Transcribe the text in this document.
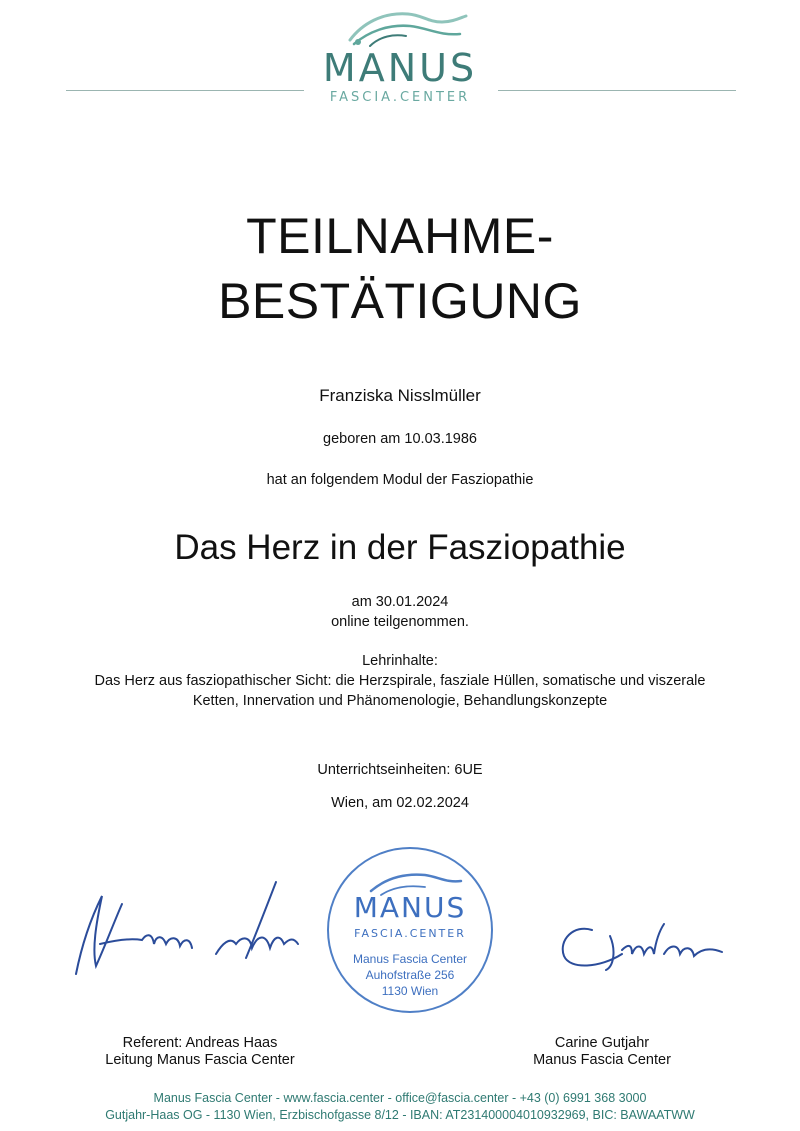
MANUS
FASCIA.CENTER
TEILNAHME-
BESTÄTIGUNG
Franziska Nisslmüller
geboren am 10.03.1986
hat an folgendem Modul der Fasziopathie
Das Herz in der Fasziopathie
am 30.01.2024
online teilgenommen.
Lehrinhalte:
Das Herz aus fasziopathischer Sicht: die Herzspirale, fasziale Hüllen, somatische und viszerale
Ketten, Innervation und Phänomenologie, Behandlungskonzepte
Unterrichtseinheiten: 6UE
Wien, am 02.02.2024
MANUS
FASCIA.CENTER
Manus Fascia Center
Auhofstraße 256
1130 Wien
Referent: Andreas Haas
Leitung Manus Fascia Center
Carine Gutjahr
Manus Fascia Center
Manus Fascia Center - www.fascia.center - office@fascia.center - +43 (0) 6991 368 3000
Gutjahr-Haas OG - 1130 Wien, Erzbischofgasse 8/12 - IBAN: AT231400004010932969, BIC: BAWAATWW
